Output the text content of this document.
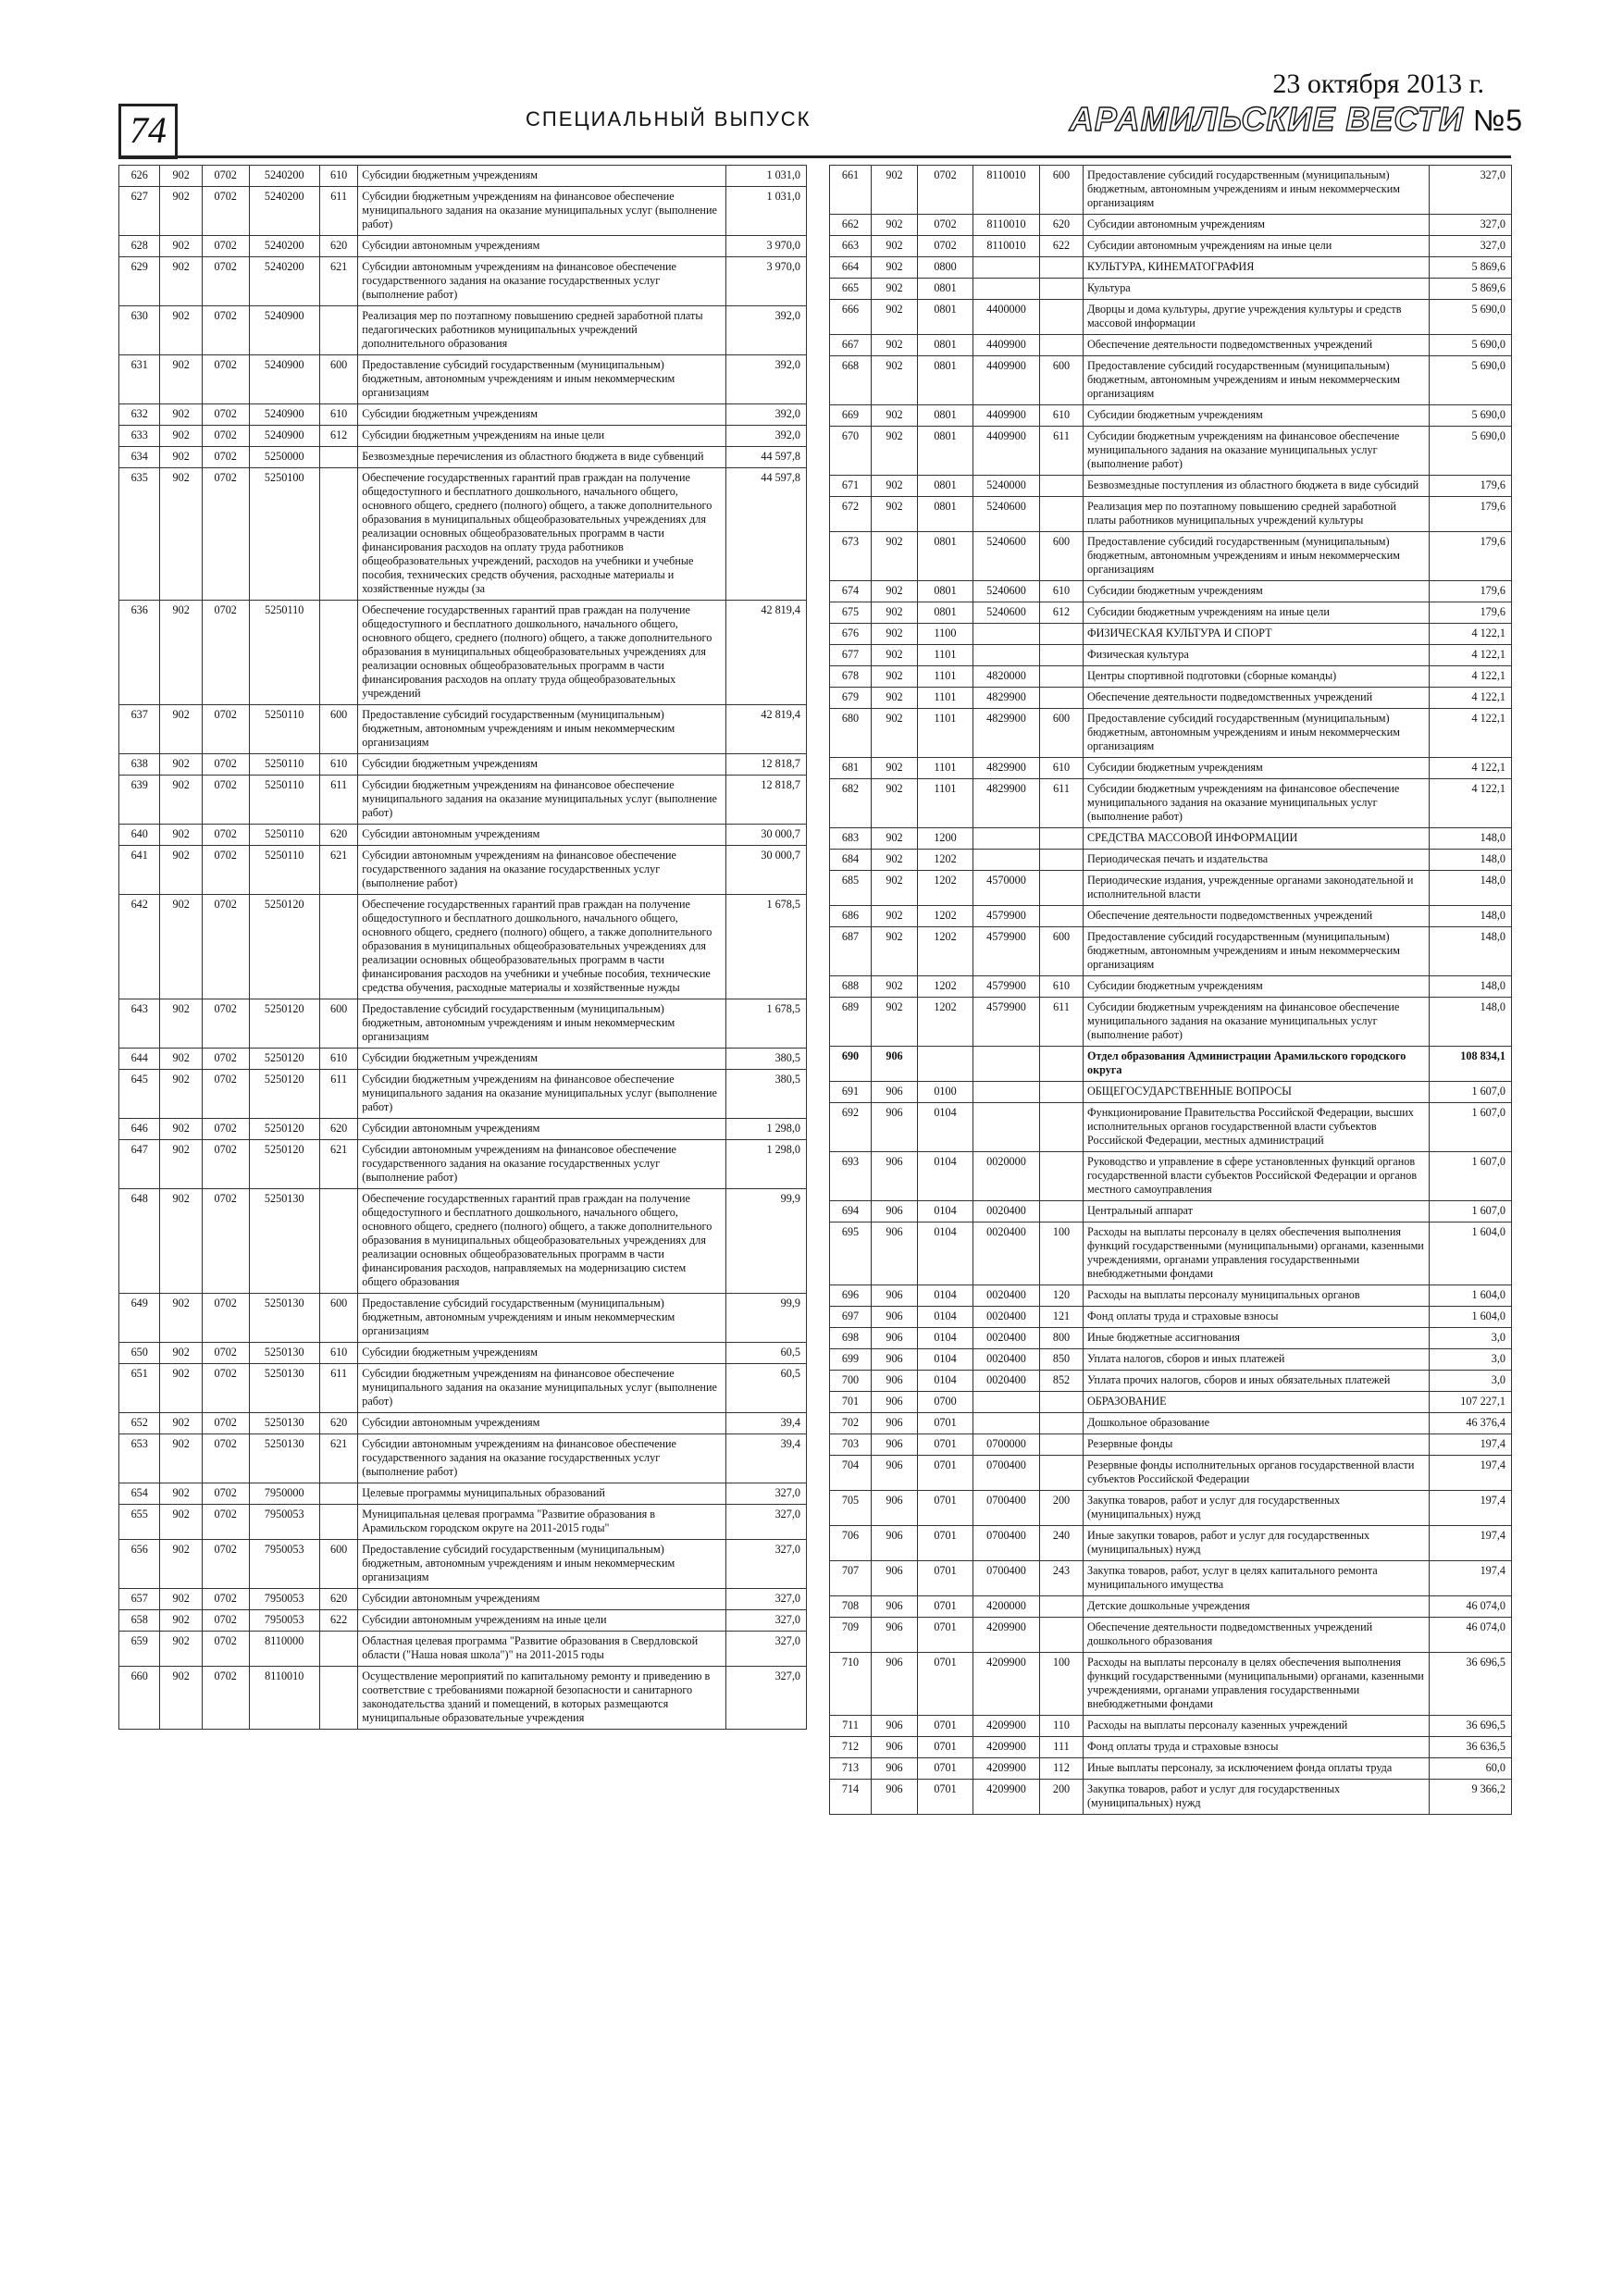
74	СПЕЦИАЛЬНЫЙ ВЫПУСК
23 октября 2013 г.
АРАМИЛЬСКИЕ ВЕСТИ №5
626	902	0702	5240200	610	Субсидии бюджетным учреждениям	1 031,0
627	902	0702	5240200	611	Субсидии бюджетным учреждениям на финансовое обеспечение муниципального задания на оказание муниципальных услуг (выполнение работ)	1 031,0
628	902	0702	5240200	620	Субсидии автономным учреждениям	3 970,0
629	902	0702	5240200	621	Субсидии автономным учреждениям на финансовое обеспечение государственного задания на оказание государственных услуг (выполнение работ)	3 970,0
630	902	0702	5240900		Реализация мер по поэтапному повышению средней заработной платы педагогических работников муниципальных учреждений дополнительного образования	392,0
631	902	0702	5240900	600	Предоставление субсидий государственным (муниципальным) бюджетным, автономным учреждениям и иным некоммерческим организациям	392,0
632	902	0702	5240900	610	Субсидии бюджетным учреждениям	392,0
633	902	0702	5240900	612	Субсидии бюджетным учреждениям на иные цели	392,0
634	902	0702	5250000		Безвозмездные перечисления из областного бюджета в виде субвенций	44 597,8
635	902	0702	5250100		Обеспечение государственных гарантий прав граждан на получение общедоступного и бесплатного дошкольного, начального общего, основного общего, среднего (полного) общего, а также дополнительного образования в муниципальных общеобразовательных учреждениях для реализации основных общеобразовательных программ в части финансирования расходов на оплату труда работников общеобразовательных учреждений, расходов на учебники и учебные пособия, технических средств обучения, расходные материалы и хозяйственные нужды (за	44 597,8
636	902	0702	5250110		Обеспечение государственных гарантий прав граждан на получение общедоступного и бесплатного дошкольного, начального общего, основного общего, среднего (полного) общего, а также дополнительного образования в муниципальных общеобразовательных учреждениях для реализации основных общеобразовательных программ в части финансирования расходов на оплату труда общеобразовательных учреждений	42 819,4
637	902	0702	5250110	600	Предоставление субсидий государственным (муниципальным) бюджетным, автономным учреждениям и иным некоммерческим организациям	42 819,4
638	902	0702	5250110	610	Субсидии бюджетным учреждениям	12 818,7
639	902	0702	5250110	611	Субсидии бюджетным учреждениям на финансовое обеспечение муниципального задания на оказание муниципальных услуг (выполнение работ)	12 818,7
640	902	0702	5250110	620	Субсидии автономным учреждениям	30 000,7
641	902	0702	5250110	621	Субсидии автономным учреждениям на финансовое обеспечение государственного задания на оказание государственных услуг (выполнение работ)	30 000,7
642	902	0702	5250120		Обеспечение государственных гарантий прав граждан на получение общедоступного и бесплатного дошкольного, начального общего, основного общего, среднего (полного) общего, а также дополнительного образования в муниципальных общеобразовательных учреждениях для реализации основных общеобразовательных программ в части финансирования расходов на учебники и учебные пособия, технические средства обучения, расходные материалы и хозяйственные нужды	1 678,5
643	902	0702	5250120	600	Предоставление субсидий государственным (муниципальным) бюджетным, автономным учреждениям и иным некоммерческим организациям	1 678,5
644	902	0702	5250120	610	Субсидии бюджетным учреждениям	380,5
645	902	0702	5250120	611	Субсидии бюджетным учреждениям на финансовое обеспечение муниципального задания на оказание муниципальных услуг (выполнение работ)	380,5
646	902	0702	5250120	620	Субсидии автономным учреждениям	1 298,0
647	902	0702	5250120	621	Субсидии автономным учреждениям на финансовое обеспечение государственного задания на оказание государственных услуг (выполнение работ)	1 298,0
648	902	0702	5250130		Обеспечение государственных гарантий прав граждан на получение общедоступного и бесплатного дошкольного, начального общего, основного общего, среднего (полного) общего, а также дополнительного образования в муниципальных общеобразовательных учреждениях для реализации основных общеобразовательных программ в части финансирования расходов, направляемых на модернизацию систем общего образования	99,9
649	902	0702	5250130	600	Предоставление субсидий государственным (муниципальным) бюджетным, автономным учреждениям и иным некоммерческим организациям	99,9
650	902	0702	5250130	610	Субсидии бюджетным учреждениям	60,5
651	902	0702	5250130	611	Субсидии бюджетным учреждениям на финансовое обеспечение муниципального задания на оказание муниципальных услуг (выполнение работ)	60,5
652	902	0702	5250130	620	Субсидии автономным учреждениям	39,4
653	902	0702	5250130	621	Субсидии автономным учреждениям на финансовое обеспечение государственного задания на оказание государственных услуг (выполнение работ)	39,4
654	902	0702	7950000		Целевые программы муниципальных образований	327,0
655	902	0702	7950053		Муниципальная целевая программа "Развитие образования в Арамильском городском округе на 2011-2015 годы"	327,0
656	902	0702	7950053	600	Предоставление субсидий государственным (муниципальным) бюджетным, автономным учреждениям и иным некоммерческим организациям	327,0
657	902	0702	7950053	620	Субсидии автономным учреждениям	327,0
658	902	0702	7950053	622	Субсидии автономным учреждениям на иные цели	327,0
659	902	0702	8110000		Областная целевая программа "Развитие образования в Свердловской области ("Наша новая школа")" на 2011-2015 годы	327,0
660	902	0702	8110010		Осуществление мероприятий по капитальному ремонту и приведению в соответствие с требованиями пожарной безопасности и санитарного законодательства зданий и помещений, в которых размещаются муниципальные образовательные учреждения	327,0
661	902	0702	8110010	600	Предоставление субсидий государственным (муниципальным) бюджетным, автономным учреждениям и иным некоммерческим организациям	327,0
662	902	0702	8110010	620	Субсидии автономным учреждениям	327,0
663	902	0702	8110010	622	Субсидии автономным учреждениям на иные цели	327,0
664	902	0800			КУЛЬТУРА, КИНЕМАТОГРАФИЯ	5 869,6
665	902	0801			Культура	5 869,6
666	902	0801	4400000		Дворцы и дома культуры, другие учреждения культуры и средств массовой информации	5 690,0
667	902	0801	4409900		Обеспечение деятельности подведомственных учреждений	5 690,0
668	902	0801	4409900	600	Предоставление субсидий государственным (муниципальным) бюджетным, автономным учреждениям и иным некоммерческим организациям	5 690,0
669	902	0801	4409900	610	Субсидии бюджетным учреждениям	5 690,0
670	902	0801	4409900	611	Субсидии бюджетным учреждениям на финансовое обеспечение муниципального задания на оказание муниципальных услуг (выполнение работ)	5 690,0
671	902	0801	5240000		Безвозмездные поступления из областного бюджета в виде субсидий	179,6
672	902	0801	5240600		Реализация мер по поэтапному повышению средней заработной платы работников муниципальных учреждений культуры	179,6
673	902	0801	5240600	600	Предоставление субсидий государственным (муниципальным) бюджетным, автономным учреждениям и иным некоммерческим организациям	179,6
674	902	0801	5240600	610	Субсидии бюджетным учреждениям	179,6
675	902	0801	5240600	612	Субсидии бюджетным учреждениям на иные цели	179,6
676	902	1100			ФИЗИЧЕСКАЯ КУЛЬТУРА И СПОРТ	4 122,1
677	902	1101			Физическая культура	4 122,1
678	902	1101	4820000		Центры спортивной подготовки (сборные команды)	4 122,1
679	902	1101	4829900		Обеспечение деятельности подведомственных учреждений	4 122,1
680	902	1101	4829900	600	Предоставление субсидий государственным (муниципальным) бюджетным, автономным учреждениям и иным некоммерческим организациям	4 122,1
681	902	1101	4829900	610	Субсидии бюджетным учреждениям	4 122,1
682	902	1101	4829900	611	Субсидии бюджетным учреждениям на финансовое обеспечение муниципального задания на оказание муниципальных услуг (выполнение работ)	4 122,1
683	902	1200			СРЕДСТВА МАССОВОЙ ИНФОРМАЦИИ	148,0
684	902	1202			Периодическая печать и издательства	148,0
685	902	1202	4570000		Периодические издания, учрежденные органами законодательной и исполнительной власти	148,0
686	902	1202	4579900		Обеспечение деятельности подведомственных учреждений	148,0
687	902	1202	4579900	600	Предоставление субсидий государственным (муниципальным) бюджетным, автономным учреждениям и иным некоммерческим организациям	148,0
688	902	1202	4579900	610	Субсидии бюджетным учреждениям	148,0
689	902	1202	4579900	611	Субсидии бюджетным учреждениям на финансовое обеспечение муниципального задания на оказание муниципальных услуг (выполнение работ)	148,0
690	906				Отдел образования Администрации Арамильского городского округа	108 834,1
691	906	0100			ОБЩЕГОСУДАРСТВЕННЫЕ ВОПРОСЫ	1 607,0
692	906	0104			Функционирование Правительства Российской Федерации, высших исполнительных органов государственной власти субъектов Российской Федерации, местных администраций	1 607,0
693	906	0104	0020000		Руководство и управление в сфере установленных функций органов государственной власти субъектов Российской Федерации и органов местного самоуправления	1 607,0
694	906	0104	0020400		Центральный аппарат	1 607,0
695	906	0104	0020400	100	Расходы на выплаты персоналу в целях обеспечения выполнения функций государственными (муниципальными) органами, казенными учреждениями, органами управления государственными внебюджетными фондами	1 604,0
696	906	0104	0020400	120	Расходы на выплаты персоналу муниципальных органов	1 604,0
697	906	0104	0020400	121	Фонд оплаты труда и страховые взносы	1 604,0
698	906	0104	0020400	800	Иные бюджетные ассигнования	3,0
699	906	0104	0020400	850	Уплата налогов, сборов и иных платежей	3,0
700	906	0104	0020400	852	Уплата прочих налогов, сборов и иных обязательных платежей	3,0
701	906	0700			ОБРАЗОВАНИЕ	107 227,1
702	906	0701			Дошкольное образование	46 376,4
703	906	0701	0700000		Резервные фонды	197,4
704	906	0701	0700400		Резервные фонды исполнительных органов государственной власти субъектов Российской Федерации	197,4
705	906	0701	0700400	200	Закупка товаров, работ и услуг для государственных (муниципальных) нужд	197,4
706	906	0701	0700400	240	Иные закупки товаров, работ и услуг для государственных (муниципальных) нужд	197,4
707	906	0701	0700400	243	Закупка товаров, работ, услуг в целях капитального ремонта муниципального имущества	197,4
708	906	0701	4200000		Детские дошкольные учреждения	46 074,0
709	906	0701	4209900		Обеспечение деятельности подведомственных учреждений дошкольного образования	46 074,0
710	906	0701	4209900	100	Расходы на выплаты персоналу в целях обеспечения выполнения функций государственными (муниципальными) органами, казенными учреждениями, органами управления государственными внебюджетными фондами	36 696,5
711	906	0701	4209900	110	Расходы на выплаты персоналу казенных учреждений	36 696,5
712	906	0701	4209900	111	Фонд оплаты труда и страховые взносы	36 636,5
713	906	0701	4209900	112	Иные выплаты персоналу, за исключением фонда оплаты труда	60,0
714	906	0701	4209900	200	Закупка товаров, работ и услуг для государственных (муниципальных) нужд	9 366,2
